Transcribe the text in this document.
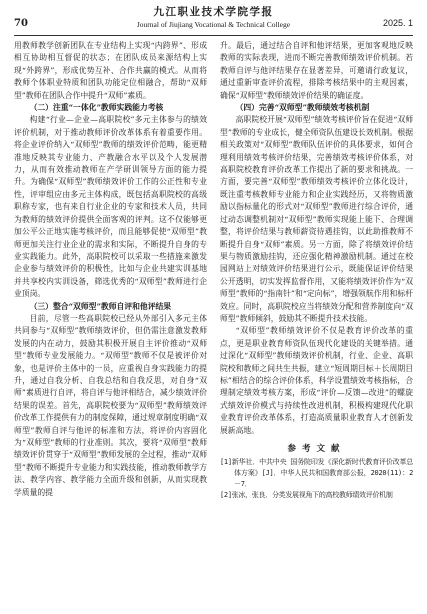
70
九江职业技术学院学报
Journal of Jiujiang Vocational & Technical College	2025. 1

用教师教学创新团队在专业结构上实现“内跨界”、形成相互协助相互督促的状态；在团队成员来源结构上实现“外跨界”，形成优势互补、合作共赢的模式。从而将教师个体职业特质和团队功能定位相融合，帮助“双师型”教师在团队合作中提升“双师”素质。

（二）注重“一体化”教师实践能力考核

构建“行业—企业—高职院校”多元主体参与的绩效评价机制，对于推动教师评价改革体系有着重要作用。将企业评价纳入“双师型”教师的绩效评价范畴，能更精准地反映其专业能力、产教融合水平以及个人发展潜力，从而有效推动教师在产学研训领导方面的能力提升。为确保“双师型”教师绩效评价工作的公正性和专业性，评审组应由多元主体构成，既包括高职院校的高级职称专家，也有来自行业企业的专家和技术人员，共同为教师的绩效评价提供全面客观的评判。这不仅能够更加公平公正地实施考核评价，而且能够促使“双师型”教师更加关注行业企业的需求和实际，不断提升自身的专业实践能力。此外，高职院校可以采取一些措施来激发企业参与绩效评价的积极性，比如与企业共建实训基地并共享校内实训设备，筛选优秀的“双师型”教师进行企业顶岗。

（三）整合“双师型”教师自评和他评结果

目前，尽管一些高职院校已经从外部引入多元主体共同参与“双师型”教师绩效评价，但仍需注意激发教师发展的内在动力，鼓励其积极开展自主评价推动“双师型”教师专业发展能力。“双师型”教师不仅是被评价对象，也是评价主体中的一员，应重视自身实践能力的提升，通过自我分析、自我总结和自我反思，对自身“双师”素质进行自评，将自评与他评相结合，减少绩效评价结果的误差。首先，高职院校要为“双师型”教师绩效评价改革工作提供有力的制度保障，通过规章制度明确“双师型”教师自评与他评的标准和方法，将评价内容固化为“双师型”教师的行业准则。其次，要将“双师型”教师绩效评价贯穿于“双师型”教师发展的全过程，推动“双师型”教师不断提升专业能力和实践技能，推动教师教学方法、教学内容、教学能力全面升级和创新，从而实现教学质量的提

升。最后，通过结合自评和他评结果，更加客观地反映教师的实际表现，进而不断完善教师绩效评价机制。若教师自评与他评结果存在显著差异，可邀请行政复议，通过重新审查评价流程，排除考核结果中的主观因素，确保“双师型”教师绩效评价结果的确证度。

（四）完善“双师型”教师绩效考核机制

高职院校开展“双师型”绩效考核评价旨在促进“双师型”教师的专业成长，健全师资队伍建设长效机制。根据相关政策对“双师型”教师队伍评价的具体要求，如何合理利用绩效考核评价结果，完善绩效考核评价体系，对高职院校教育评价改革工作提出了新的要求和挑战。一方面，要完善“双师型”教师绩效考核评价立体化设计，既注重考核教师专业能力和企业实践经历，又将物质激励以指标量化的形式对“双师型”教师进行综合评价，通过动态调整机制对“双师型”教师实现能上能下、合理调整，将评价结果与教师薪资待遇挂钩，以此助推教师不断提升自身“双师”素质。另一方面，除了将绩效评价结果与物质激励挂钩，还应强化精神激励机制。通过在校园网站上对绩效评价结果进行公示，既能保证评价结果公开透明，切实发挥监督作用，又能将绩效评价作为“双师型”教师的“指南针”和“定向标”，增强领航作用和标杆效应。同时，高职院校应当将绩效分配和营养制度向“双师型”教师倾斜，鼓励其不断提升技术技能。

“双师型”教师绩效评价不仅是教育评价改革的重点，更是职业教育师资队伍现代化建设的关键举措。通过深化“双师型”教师绩效评价机制，行业、企业、高职院校和教师之间共生共振，建立“短周期目标＋长周期目标”相结合的综合评价体系，科学设置绩效考核指标，合理制定绩效考核方案，形成“评价—反馈—改进”的螺旋式绩效评价模式与持续性改进机制，积极构建现代化职业教育评价改革体系，打造高质量职业教育人才创新发展新高地。

参考文献
[1]新华社．中共中央 国务院印发《深化新时代教育评价改革总体方案》[J]．中华人民共和国教育部公报，2020(11)：2－7．
[2]张冰，张良．分类发展视角下的高校教师绩效评价机制
